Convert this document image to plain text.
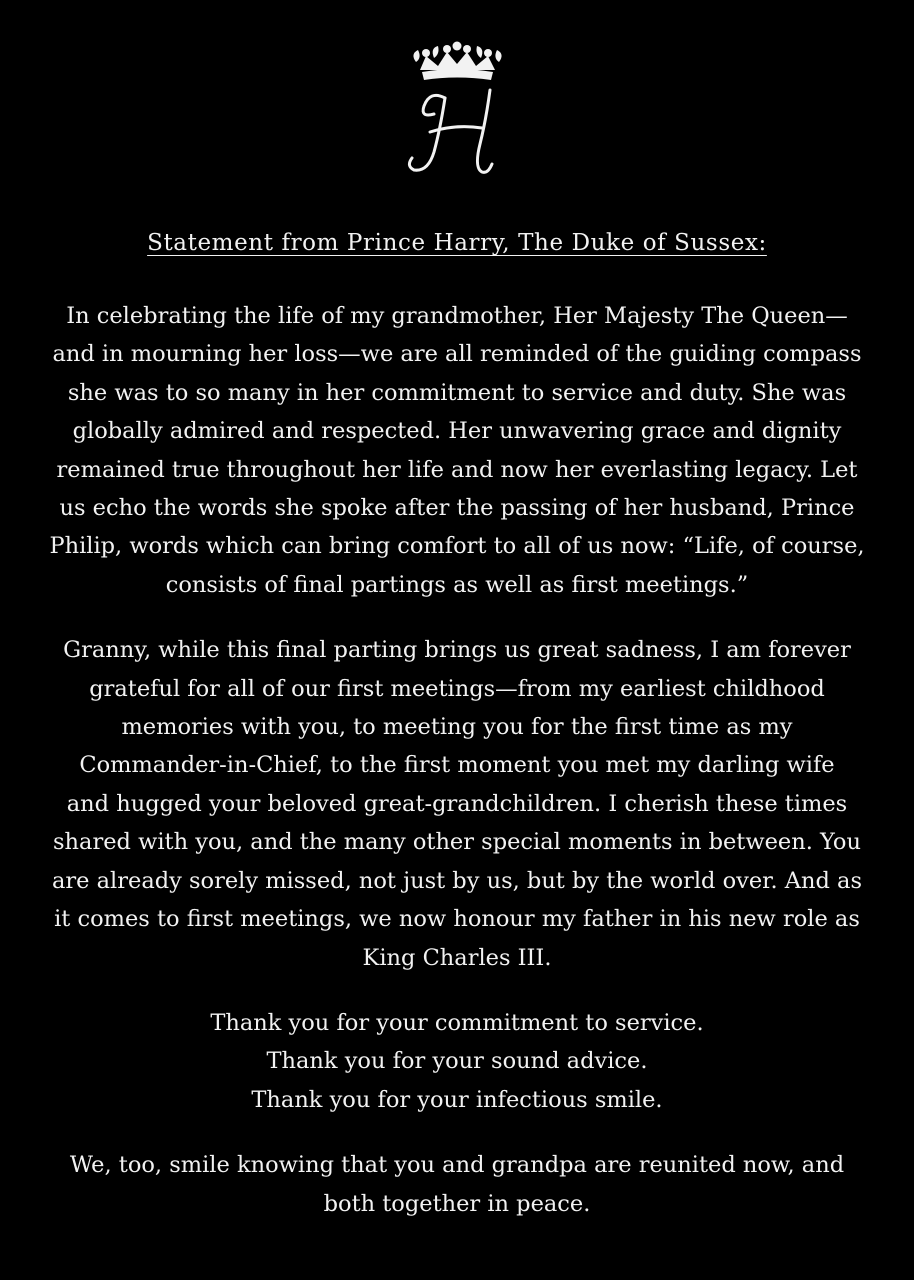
Statement from Prince Harry, The Duke of Sussex:

In celebrating the life of my grandmother, Her Majesty The Queen—
and in mourning her loss—we are all reminded of the guiding compass
she was to so many in her commitment to service and duty. She was
globally admired and respected. Her unwavering grace and dignity
remained true throughout her life and now her everlasting legacy. Let
us echo the words she spoke after the passing of her husband, Prince
Philip, words which can bring comfort to all of us now: “Life, of course,
consists of final partings as well as first meetings.”

Granny, while this final parting brings us great sadness, I am forever
grateful for all of our first meetings—from my earliest childhood
memories with you, to meeting you for the first time as my
Commander-in-Chief, to the first moment you met my darling wife
and hugged your beloved great-grandchildren. I cherish these times
shared with you, and the many other special moments in between. You
are already sorely missed, not just by us, but by the world over. And as
it comes to first meetings, we now honour my father in his new role as
King Charles III.

Thank you for your commitment to service.
Thank you for your sound advice.
Thank you for your infectious smile.

We, too, smile knowing that you and grandpa are reunited now, and
both together in peace.
